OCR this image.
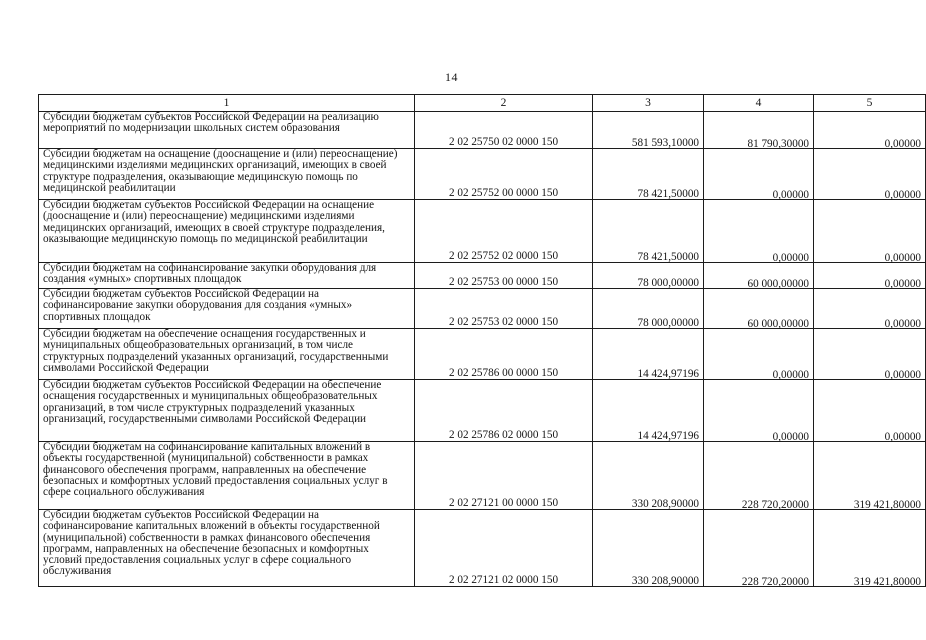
14
1	2	3	4	5
Субсидии бюджетам субъектов Российской Федерации на реализацию мероприятий по модернизации школьных систем образования	2 02 25750 02 0000 150	581 593,10000	81 790,30000	0,00000
Субсидии бюджетам на оснащение (дооснащение и (или) переоснащение) медицинскими изделиями медицинских организаций, имеющих в своей структуре подразделения, оказывающие медицинскую помощь по медицинской реабилитации	2 02 25752 00 0000 150	78 421,50000	0,00000	0,00000
Субсидии бюджетам субъектов Российской Федерации на оснащение (дооснащение и (или) переоснащение) медицинскими изделиями медицинских организаций, имеющих в своей структуре подразделения, оказывающие медицинскую помощь по медицинской реабилитации	2 02 25752 02 0000 150	78 421,50000	0,00000	0,00000
Субсидии бюджетам на софинансирование закупки оборудования для создания «умных» спортивных площадок	2 02 25753 00 0000 150	78 000,00000	60 000,00000	0,00000
Субсидии бюджетам субъектов Российской Федерации на софинансирование закупки оборудования для создания «умных» спортивных площадок	2 02 25753 02 0000 150	78 000,00000	60 000,00000	0,00000
Субсидии бюджетам на обеспечение оснащения государственных и муниципальных общеобразовательных организаций, в том числе структурных подразделений указанных организаций, государственными символами Российской Федерации	2 02 25786 00 0000 150	14 424,97196	0,00000	0,00000
Субсидии бюджетам субъектов Российской Федерации на обеспечение оснащения государственных и муниципальных общеобразовательных организаций, в том числе структурных подразделений указанных организаций, государственными символами Российской Федерации	2 02 25786 02 0000 150	14 424,97196	0,00000	0,00000
Субсидии бюджетам на софинансирование капитальных вложений в объекты государственной (муниципальной) собственности в рамках финансового обеспечения программ, направленных на обеспечение безопасных и комфортных условий предоставления социальных услуг в сфере социального обслуживания	2 02 27121 00 0000 150	330 208,90000	228 720,20000	319 421,80000
Субсидии бюджетам субъектов Российской Федерации на софинансирование капитальных вложений в объекты государственной (муниципальной) собственности в рамках финансового обеспечения программ, направленных на обеспечение безопасных и комфортных условий предоставления социальных услуг в сфере социального обслуживания	2 02 27121 02 0000 150	330 208,90000	228 720,20000	319 421,80000
